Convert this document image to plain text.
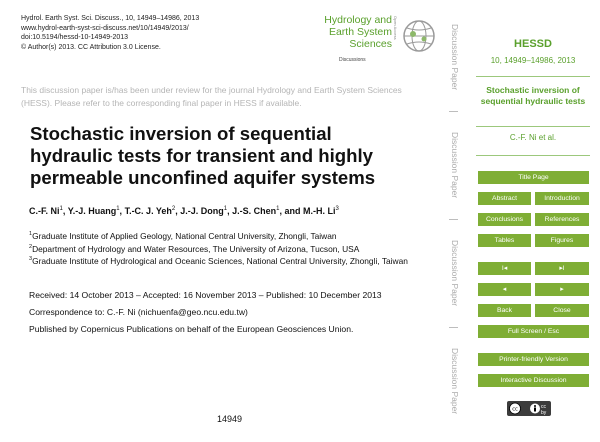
Hydrol. Earth Syst. Sci. Discuss., 10, 14949–14986, 2013
www.hydrol-earth-syst-sci-discuss.net/10/14949/2013/
doi:10.5194/hessd-10-14949-2013
© Author(s) 2013. CC Attribution 3.0 License.
Hydrology and
Earth System
Sciences
Discussions
Open Access
This discussion paper is/has been under review for the journal Hydrology and Earth System Sciences (HESS). Please refer to the corresponding final paper in HESS if available.
Stochastic inversion of sequential hydraulic tests for transient and highly permeable unconfined aquifer systems
C.-F. Ni$^1$, Y.-J. Huang$^1$, T.-C. J. Yeh$^2$, J.-J. Dong$^1$, J.-S. Chen$^1$, and M.-H. Li$^3$
$^1$Graduate Institute of Applied Geology, National Central University, Zhongli, Taiwan
$^2$Department of Hydrology and Water Resources, The University of Arizona, Tucson, USA
$^3$Graduate Institute of Hydrological and Oceanic Sciences, National Central University, Zhongli, Taiwan
Received: 14 October 2013 – Accepted: 16 November 2013 – Published: 10 December 2013
Correspondence to: C.-F. Ni (nichuenfa@geo.ncu.edu.tw)
Published by Copernicus Publications on behalf of the European Geosciences Union.
14949
Discussion Paper
Discussion Paper
Discussion Paper
Discussion Paper
HESSD
10, 14949–14986, 2013
Stochastic inversion of sequential hydraulic tests
C.-F. Ni et al.
Title Page
Abstract	Introduction
Conclusions	References
Tables	Figures
I◂	▸I
◂	▸
Back	Close
Full Screen / Esc
Printer-friendly Version
Interactive Discussion
cc	cc by
